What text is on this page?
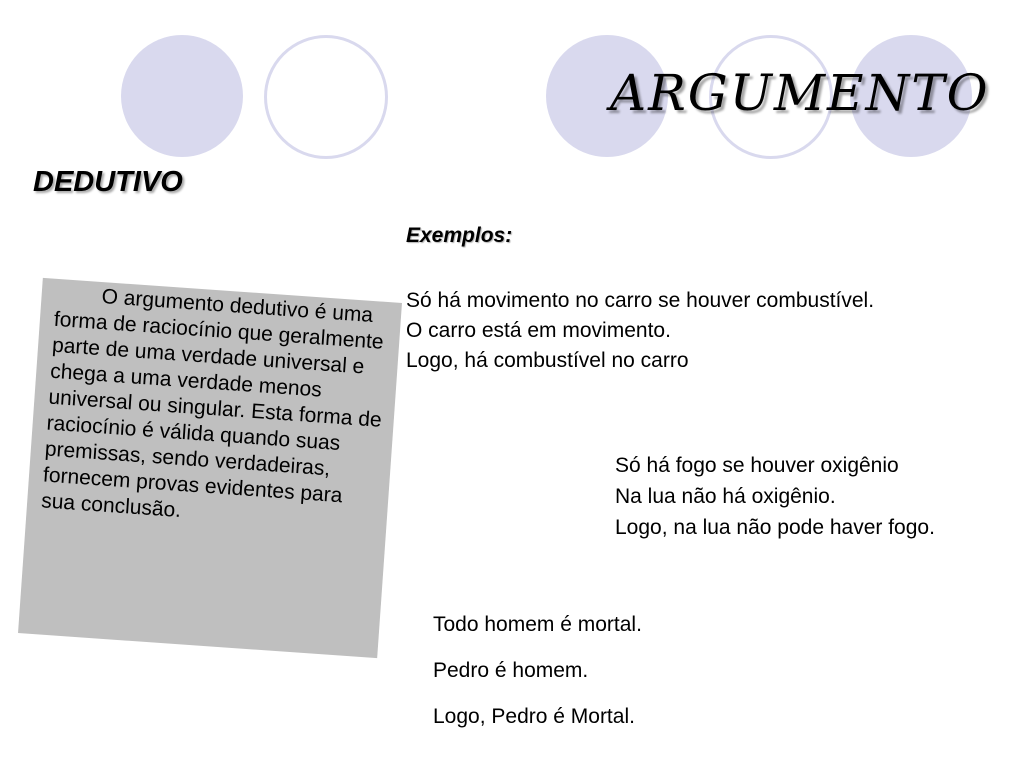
ARGUMENTO
DEDUTIVO

O argumento dedutivo é uma forma de raciocínio que geralmente parte de uma verdade universal e chega a uma verdade menos universal ou singular. Esta forma de raciocínio é válida quando suas premissas, sendo verdadeiras, fornecem provas evidentes para sua conclusão.

Exemplos:
Só há movimento no carro se houver combustível.
O carro está em movimento.
Logo, há combustível no carro
Só há fogo se houver oxigênio
Na lua não há oxigênio.
Logo, na lua não pode haver fogo.
Todo homem é mortal.
Pedro é homem.
Logo, Pedro é Mortal.
